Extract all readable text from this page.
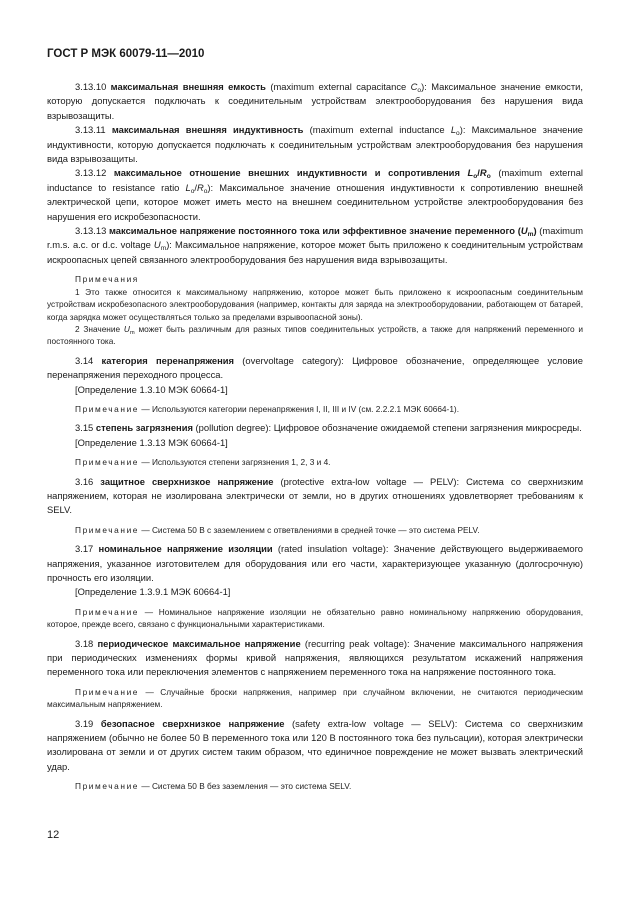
ГОСТ Р МЭК 60079-11—2010

3.13.10 максимальная внешняя емкость (maximum external capacitance $C_o$): Максимальное значение емкости, которую допускается подключать к соединительным устройствам электрооборудования без нарушения вида взрывозащиты.

3.13.11 максимальная внешняя индуктивность (maximum external inductance $L_o$): Максимальное значение индуктивности, которую допускается подключать к соединительным устройствам электрооборудования без нарушения вида взрывозащиты.

3.13.12 максимальное отношение внешних индуктивности и сопротивления $L_o/R_o$ (maximum external inductance to resistance ratio $L_o/R_o$): Максимальное значение отношения индуктивности к сопротивлению внешней электрической цепи, которое может иметь место на внешнем соединительном устройстве электрооборудования без нарушения его искробезопасности.

3.13.13 максимальное напряжение постоянного тока или эффективное значение переменного $(U_m)$ (maximum r.m.s. a.c. or d.c. voltage $U_m$): Максимальное напряжение, которое может быть приложено к соединительным устройствам искроопасных цепей связанного электрооборудования без нарушения вида взрывозащиты.

Примечания

1 Это также относится к максимальному напряжению, которое может быть приложено к искроопасным соединительным устройствам искробезопасного электрооборудования (например, контакты для заряда на электрооборудовании, работающем от батарей, когда зарядка может осуществляться только за пределами взрывоопасной зоны).

2 Значение $U_m$ может быть различным для разных типов соединительных устройств, а также для напряжений переменного и постоянного тока.

3.14 категория перенапряжения (overvoltage category): Цифровое обозначение, определяющее условие перенапряжения переходного процесса.

[Определение 1.3.10 МЭК 60664-1]

Примечание — Используются категории перенапряжения I, II, III и IV (см. 2.2.2.1 МЭК 60664-1).

3.15 степень загрязнения (pollution degree): Цифровое обозначение ожидаемой степени загрязнения микросреды.

[Определение 1.3.13 МЭК 60664-1]

Примечание — Используются степени загрязнения 1, 2, 3 и 4.

3.16 защитное сверхнизкое напряжение (protective extra-low voltage — PELV): Система со сверхнизким напряжением, которая не изолирована электрически от земли, но в других отношениях удовлетворяет требованиям к SELV.

Примечание — Система 50 В с заземлением с ответвлениями в средней точке — это система PELV.

3.17 номинальное напряжение изоляции (rated insulation voltage): Значение действующего выдерживаемого напряжения, указанное изготовителем для оборудования или его части, характеризующее указанную (долгосрочную) прочность его изоляции.

[Определение 1.3.9.1 МЭК 60664-1]

Примечание — Номинальное напряжение изоляции не обязательно равно номинальному напряжению оборудования, которое, прежде всего, связано с функциональными характеристиками.

3.18 периодическое максимальное напряжение (recurring peak voltage): Значение максимального напряжения при периодических изменениях формы кривой напряжения, являющихся результатом искажений напряжения переменного тока или переключения элементов с напряжением переменного тока на напряжение постоянного тока.

Примечание — Случайные броски напряжения, например при случайном включении, не считаются периодическим максимальным напряжением.

3.19 безопасное сверхнизкое напряжение (safety extra-low voltage — SELV): Система со сверхнизким напряжением (обычно не более 50 В переменного тока или 120 В постоянного тока без пульсации), которая электрически изолирована от земли и от других систем таким образом, что единичное повреждение не может вызвать электрический удар.

Примечание — Система 50 В без заземления — это система SELV.

12
